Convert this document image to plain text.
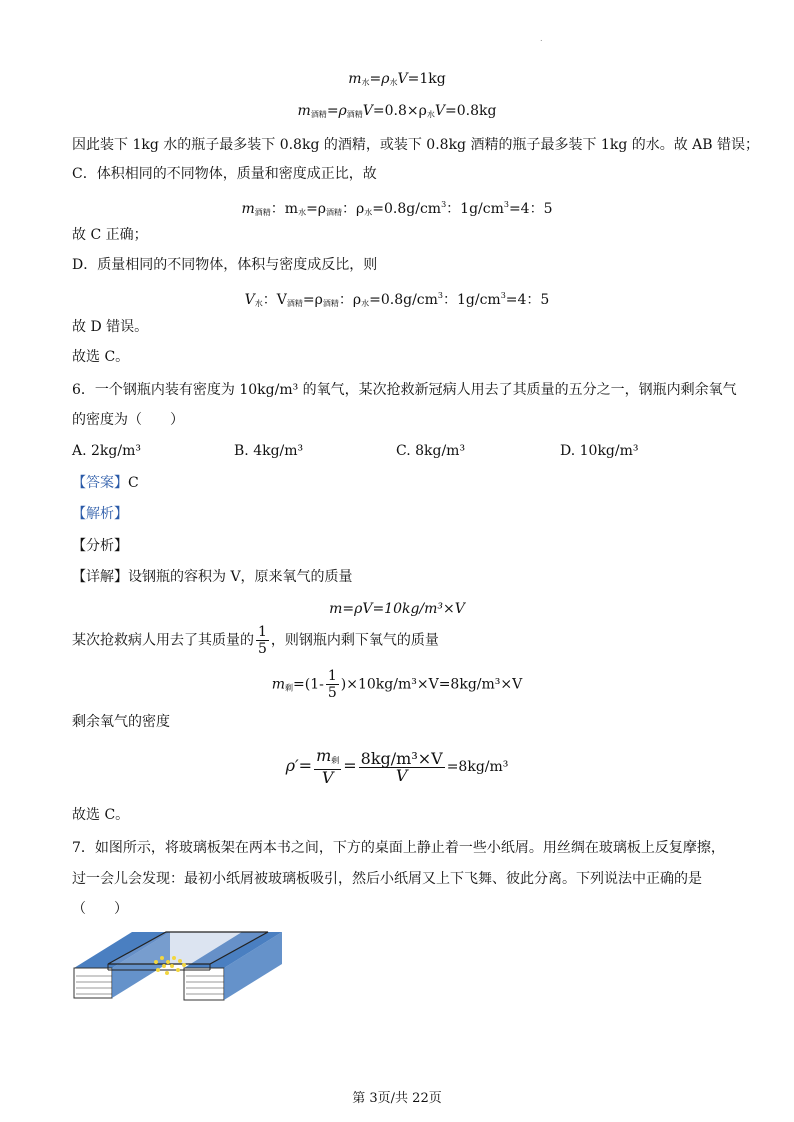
.
$m_水=\rho_水V=1kg$
$m_{酒精}=\rho_{酒精}V=0.8\times\rho_水V=0.8kg$
因此装下 1kg 水的瓶子最多装下 0.8kg 的酒精，或装下 0.8kg 酒精的瓶子最多装下 1kg 的水。故 AB 错误；
C．体积相同的不同物体，质量和密度成正比，故
$m_{酒精}$：$m_水=\rho_{酒精}$：$\rho_水=0.8g/cm^3$：$1g/cm^3=4$：5
故 C 正确；
D．质量相同的不同物体，体积与密度成反比，则
$V_水$：$V_{酒精}=\rho_{酒精}$：$\rho_水=0.8g/cm^3$：$1g/cm^3=4$：5
故 D 错误。
故选 C。
6．一个钢瓶内装有密度为 10kg/m³ 的氧气，某次抢救新冠病人用去了其质量的五分之一，钢瓶内剩余氧气
的密度为（　　）
A. 2kg/m³	B. 4kg/m³	C. 8kg/m³	D. 10kg/m³
【答案】C
【解析】
【分析】
【详解】设钢瓶的容积为 V，原来氧气的质量
m=ρV=10kg/m³×V
某次抢救病人用去了其质量的 $\frac{1}{5}$ ，则钢瓶内剩下氧气的质量
$m_剩=(1- \frac{1}{5} )\times 10kg/m^3\times V=8kg/m^3\times V$
剩余氧气的密度
$\rho'= \frac{m_剩}{V} = \frac{\text{8kg/m³×V}}{V} =8kg/m^3$
故选 C。
7．如图所示，将玻璃板架在两本书之间，下方的桌面上静止着一些小纸屑。用丝绸在玻璃板上反复摩擦，
过一会儿会发现：最初小纸屑被玻璃板吸引，然后小纸屑又上下飞舞、彼此分离。下列说法中正确的是
（　　）
第 3页/共 22页
